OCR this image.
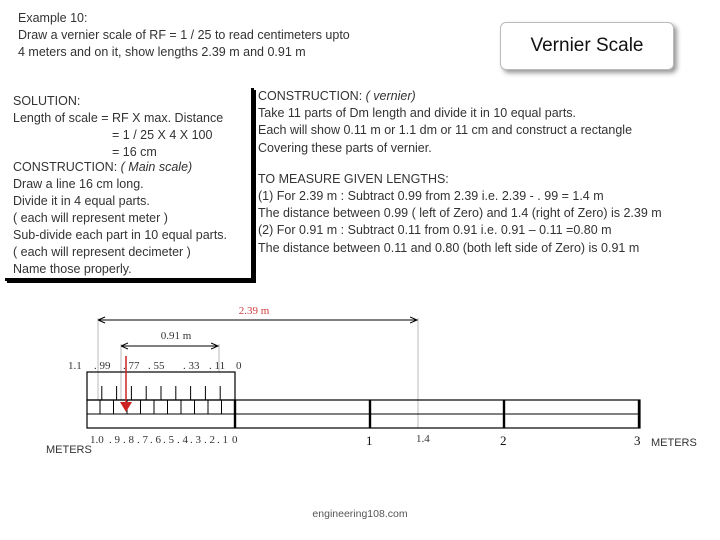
Example 10:
Draw a vernier scale of RF = 1 / 25 to read centimeters upto
4 meters and on it, show lengths 2.39 m and 0.91 m	Vernier Scale
SOLUTION:
Length of scale = RF X max. Distance
= 1 / 25 X 4 X 100
= 16 cm
CONSTRUCTION: ( Main scale)
Draw a line 16 cm long.
Divide it in 4 equal parts.
( each will represent meter )
Sub-divide each part in 10 equal parts.
( each will represent decimeter )
Name those properly.
CONSTRUCTION: ( vernier)
Take 11 parts of Dm length and divide it in 10 equal parts.
Each will show 0.11 m or 1.1 dm or 11 cm and construct a rectangle
Covering these parts of vernier.
TO MEASURE GIVEN LENGTHS:
(1) For 2.39 m : Subtract 0.99 from 2.39 i.e. 2.39 - . 99 = 1.4 m
The distance between 0.99 ( left of Zero) and 1.4 (right of Zero) is 2.39 m
(2) For 0.91 m : Subtract 0.11 from 0.91 i.e. 0.91 – 0.11 =0.80 m
The distance between 0.11 and 0.80 (both left side of Zero) is 0.91 m
2.39 m
0.91 m
1.1 . 99 . 77 . 55 . 33 . 11 0
1.0 . 9 . 8 . 7 . 6 . 5 . 4 . 3 . 2 . 1 0	1	1.4	2	3
METERS
METERS
engineering108.com
